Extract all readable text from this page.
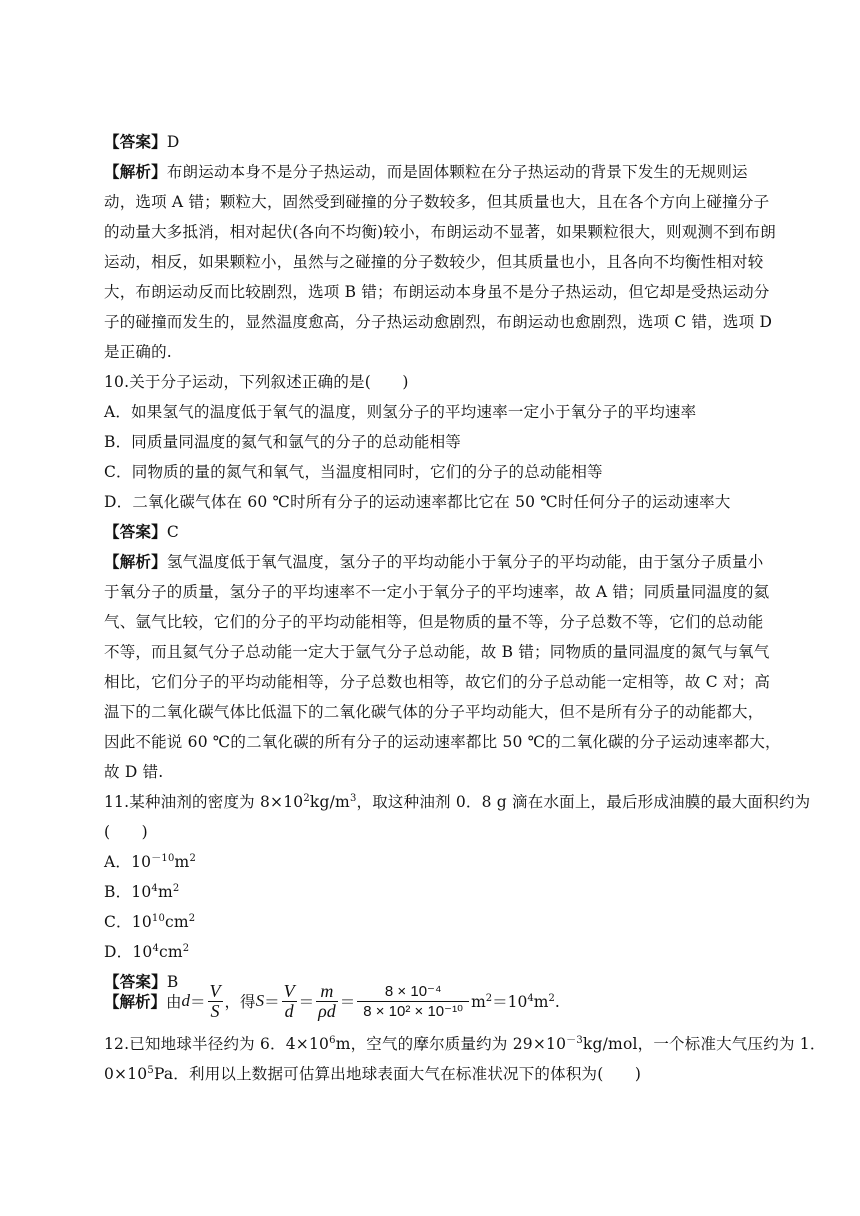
【答案】D
【解析】布朗运动本身不是分子热运动，而是固体颗粒在分子热运动的背景下发生的无规则运
动，选项 A 错；颗粒大，固然受到碰撞的分子数较多，但其质量也大，且在各个方向上碰撞分子
的动量大多抵消，相对起伏(各向不均衡)较小，布朗运动不显著，如果颗粒很大，则观测不到布朗
运动，相反，如果颗粒小，虽然与之碰撞的分子数较少，但其质量也小，且各向不均衡性相对较
大，布朗运动反而比较剧烈，选项 B 错；布朗运动本身虽不是分子热运动，但它却是受热运动分
子的碰撞而发生的，显然温度愈高，分子热运动愈剧烈，布朗运动也愈剧烈，选项 C 错，选项 D
是正确的.
10.关于分子运动，下列叙述正确的是(　　)
A．如果氢气的温度低于氧气的温度，则氢分子的平均速率一定小于氧分子的平均速率
B．同质量同温度的氦气和氩气的分子的总动能相等
C．同物质的量的氮气和氧气，当温度相同时，它们的分子的总动能相等
D．二氧化碳气体在 60 ℃时所有分子的运动速率都比它在 50 ℃时任何分子的运动速率大
【答案】C
【解析】氢气温度低于氧气温度，氢分子的平均动能小于氧分子的平均动能，由于氢分子质量小
于氧分子的质量，氢分子的平均速率不一定小于氧分子的平均速率，故 A 错；同质量同温度的氦
气、氩气比较，它们的分子的平均动能相等，但是物质的量不等，分子总数不等，它们的总动能
不等，而且氦气分子总动能一定大于氩气分子总动能，故 B 错；同物质的量同温度的氮气与氧气
相比，它们分子的平均动能相等，分子总数也相等，故它们的分子总动能一定相等，故 C 对；高
温下的二氧化碳气体比低温下的二氧化碳气体的分子平均动能大，但不是所有分子的动能都大，
因此不能说 60 ℃的二氧化碳的所有分子的运动速率都比 50 ℃的二氧化碳的分子运动速率都大，
故 D 错.
11.某种油剂的密度为 $8\times 10^2kg/m^3$，取这种油剂 0．8 g 滴在水面上，最后形成油膜的最大面积约为
(　　)
A．$10^{-10}m^2$
B．$10^4m^2$
C．$10^{10}cm^2$
D．$10^4cm^2$
【答案】B
【解析】 由 $d = \frac{V}{S}$ ，得 $S = \frac{V}{d} = \frac{m}{\rho d} = \frac{\text{8 × 10⁻⁴}}{\text{8 × 10² × 10⁻¹⁰}} m^2=10^4m^2$.
12.已知地球半径约为 6．$4\times 10^6m$，空气的摩尔质量约为 $29\times 10^{-3}kg$/mol，一个标准大气压约为 1．
$0\times 10^5Pa$．利用以上数据可估算出地球表面大气在标准状况下的体积为(　　)
